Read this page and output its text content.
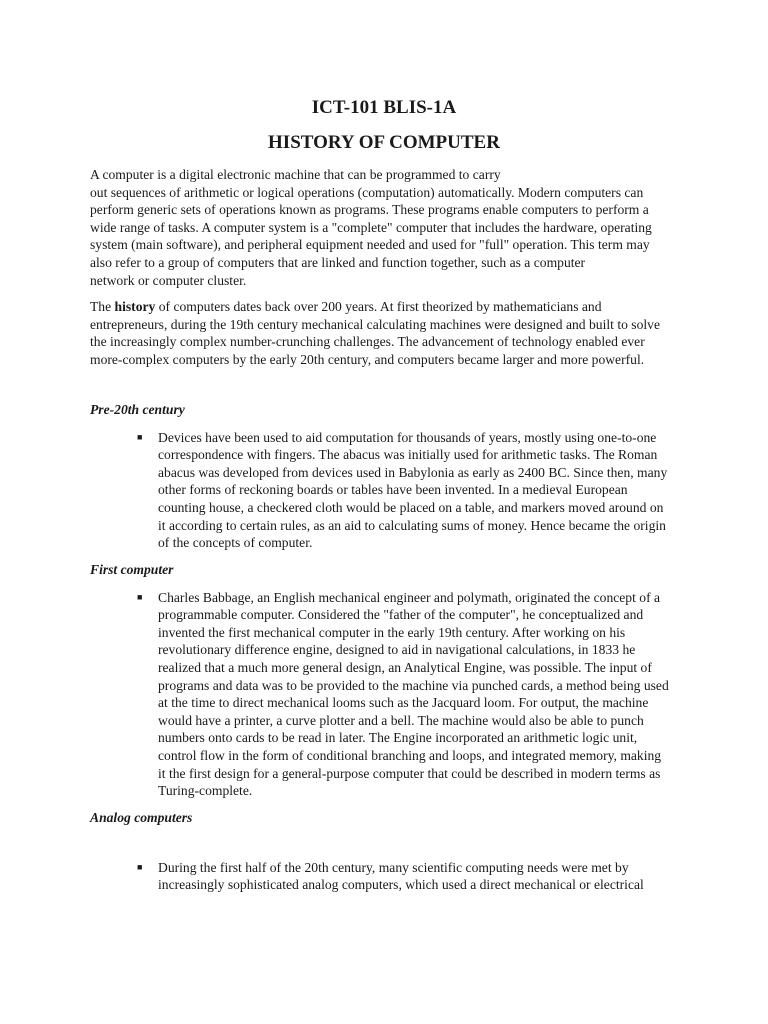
ICT-101 BLIS-1A
HISTORY OF COMPUTER

A computer is a digital electronic machine that can be programmed to carry
out sequences of arithmetic or logical operations (computation) automatically. Modern computers can
perform generic sets of operations known as programs. These programs enable computers to perform a
wide range of tasks. A computer system is a "complete" computer that includes the hardware, operating
system (main software), and peripheral equipment needed and used for "full" operation. This term may
also refer to a group of computers that are linked and function together, such as a computer
network or computer cluster.

The history of computers dates back over 200 years. At first theorized by mathematicians and
entrepreneurs, during the 19th century mechanical calculating machines were designed and built to solve
the increasingly complex number-crunching challenges. The advancement of technology enabled ever
more-complex computers by the early 20th century, and computers became larger and more powerful.

Pre-20th century
■ Devices have been used to aid computation for thousands of years, mostly using one-to-one
correspondence with fingers. The abacus was initially used for arithmetic tasks. The Roman
abacus was developed from devices used in Babylonia as early as 2400 BC. Since then, many
other forms of reckoning boards or tables have been invented. In a medieval European
counting house, a checkered cloth would be placed on a table, and markers moved around on
it according to certain rules, as an aid to calculating sums of money. Hence became the origin
of the concepts of computer.
First computer
■ Charles Babbage, an English mechanical engineer and polymath, originated the concept of a
programmable computer. Considered the "father of the computer", he conceptualized and
invented the first mechanical computer in the early 19th century. After working on his
revolutionary difference engine, designed to aid in navigational calculations, in 1833 he
realized that a much more general design, an Analytical Engine, was possible. The input of
programs and data was to be provided to the machine via punched cards, a method being used
at the time to direct mechanical looms such as the Jacquard loom. For output, the machine
would have a printer, a curve plotter and a bell. The machine would also be able to punch
numbers onto cards to be read in later. The Engine incorporated an arithmetic logic unit,
control flow in the form of conditional branching and loops, and integrated memory, making
it the first design for a general-purpose computer that could be described in modern terms as
Turing-complete.
Analog computers
■ During the first half of the 20th century, many scientific computing needs were met by
increasingly sophisticated analog computers, which used a direct mechanical or electrical
